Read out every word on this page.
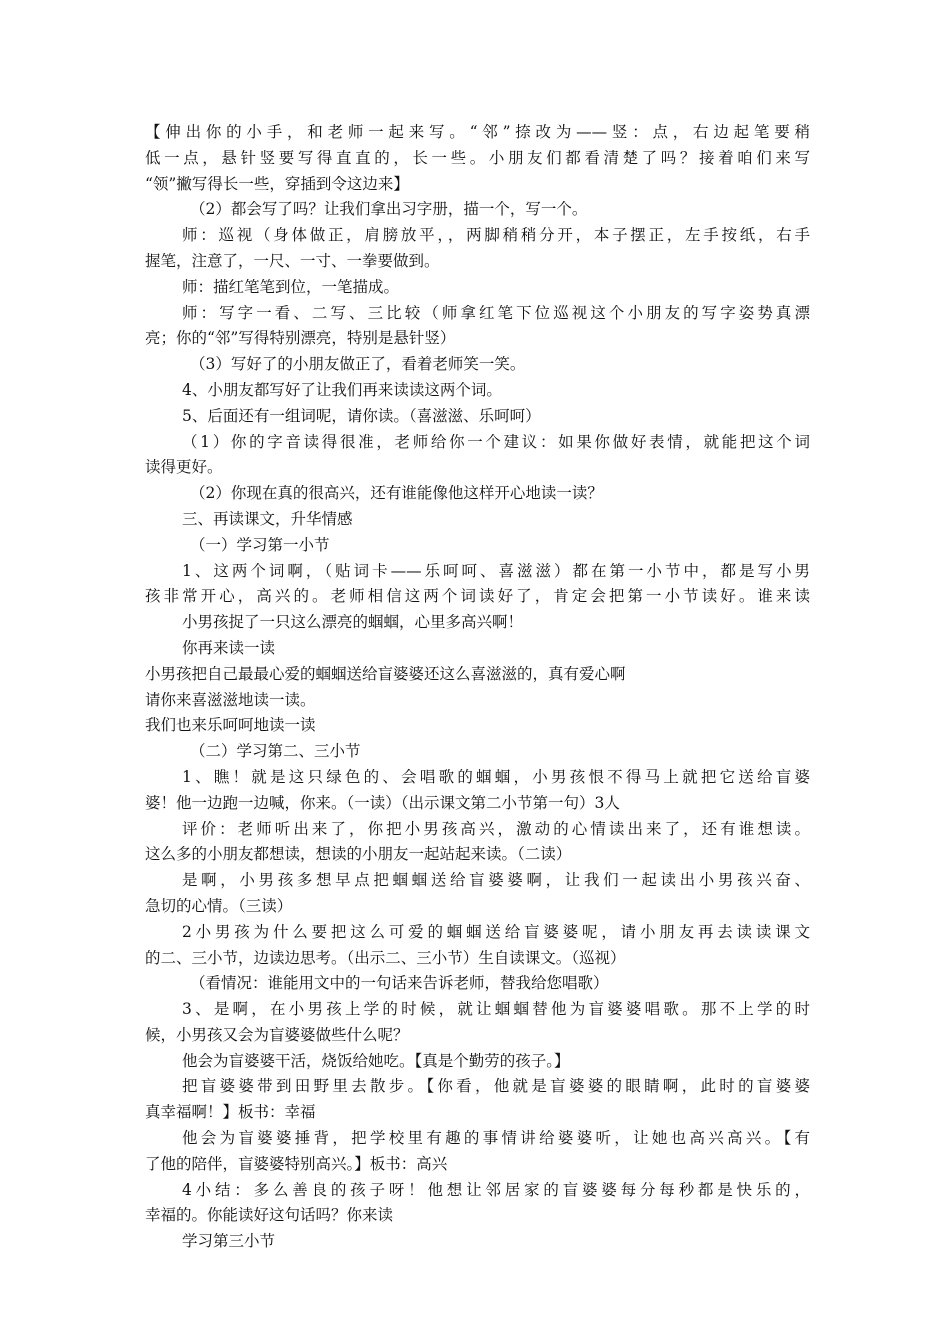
【伸出你的小手，和老师一起来写。“邻”捺改为——竖：点，右边起笔要稍
低一点，悬针竖要写得直直的，长一些。小朋友们都看清楚了吗？接着咱们来写
“领”撇写得长一些，穿插到令这边来】
（2）都会写了吗？让我们拿出习字册，描一个，写一个。
师：巡视（身体做正，肩膀放平，，两脚稍稍分开，本子摆正，左手按纸，右手
握笔，注意了，一尺、一寸、一拳要做到。
师：描红笔笔到位，一笔描成。
师：写字一看、二写、三比较（师拿红笔下位巡视这个小朋友的写字姿势真漂
亮；你的“邻”写得特别漂亮，特别是悬针竖）
（3）写好了的小朋友做正了，看着老师笑一笑。
4、小朋友都写好了让我们再来读读这两个词。
5、后面还有一组词呢，请你读。（喜滋滋、乐呵呵）
（1）你的字音读得很准，老师给你一个建议：如果你做好表情，就能把这个词
读得更好。
（2）你现在真的很高兴，还有谁能像他这样开心地读一读？
三、再读课文，升华情感
（一）学习第一小节
1、这两个词啊，（贴词卡——乐呵呵、喜滋滋）都在第一小节中，都是写小男
孩非常开心，高兴的。老师相信这两个词读好了，肯定会把第一小节读好。谁来读
小男孩捉了一只这么漂亮的蝈蝈，心里多高兴啊！
你再来读一读
小男孩把自己最最心爱的蝈蝈送给盲婆婆还这么喜滋滋的，真有爱心啊
请你来喜滋滋地读一读。
我们也来乐呵呵地读一读
（二）学习第二、三小节
1、瞧！就是这只绿色的、会唱歌的蝈蝈，小男孩恨不得马上就把它送给盲婆
婆！他一边跑一边喊，你来。（一读）（出示课文第二小节第一句）3人
评价：老师听出来了，你把小男孩高兴，激动的心情读出来了，还有谁想读。
这么多的小朋友都想读，想读的小朋友一起站起来读。（二读）
是啊，小男孩多想早点把蝈蝈送给盲婆婆啊，让我们一起读出小男孩兴奋、
急切的心情。（三读）
2小男孩为什么要把这么可爱的蝈蝈送给盲婆婆呢，请小朋友再去读读课文
的二、三小节，边读边思考。（出示二、三小节）生自读课文。（巡视）
（看情况：谁能用文中的一句话来告诉老师，替我给您唱歌）
3、是啊，在小男孩上学的时候，就让蝈蝈替他为盲婆婆唱歌。那不上学的时
候，小男孩又会为盲婆婆做些什么呢？
他会为盲婆婆干活，烧饭给她吃。【真是个勤劳的孩子。】
把盲婆婆带到田野里去散步。【你看，他就是盲婆婆的眼睛啊，此时的盲婆婆
真幸福啊！】板书：幸福
他会为盲婆婆捶背，把学校里有趣的事情讲给婆婆听，让她也高兴高兴。【有
了他的陪伴，盲婆婆特别高兴。】板书：高兴
4小结：多么善良的孩子呀！他想让邻居家的盲婆婆每分每秒都是快乐的，
幸福的。你能读好这句话吗？你来读
学习第三小节
